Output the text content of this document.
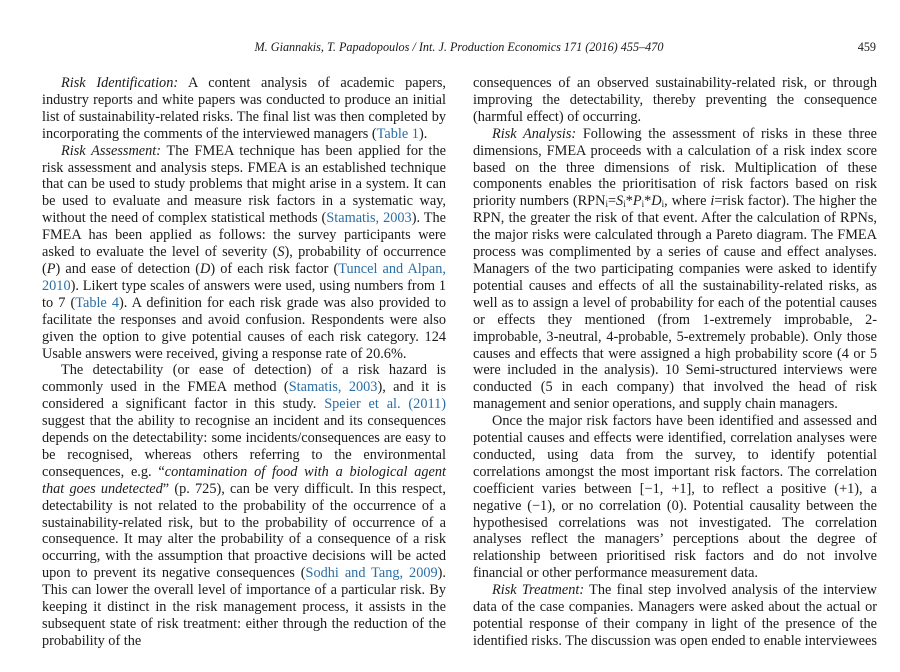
M. Giannakis, T. Papadopoulos / Int. J. Production Economics 171 (2016) 455–470	459

Risk Identification: A content analysis of academic papers, industry reports and white papers was conducted to produce an initial list of sustainability-related risks. The final list was then completed by incorporating the comments of the interviewed managers (Table 1).

Risk Assessment: The FMEA technique has been applied for the risk assessment and analysis steps. FMEA is an established technique that can be used to study problems that might arise in a system. It can be used to evaluate and measure risk factors in a systematic way, without the need of complex statistical methods (Stamatis, 2003). The FMEA has been applied as follows: the survey participants were asked to evaluate the level of severity (S), probability of occurrence (P) and ease of detection (D) of each risk factor (Tuncel and Alpan, 2010). Likert type scales of answers were used, using numbers from 1 to 7 (Table 4). A definition for each risk grade was also provided to facilitate the responses and avoid confusion. Respondents were also given the option to give potential causes of each risk category. 124 Usable answers were received, giving a response rate of 20.6%.

The detectability (or ease of detection) of a risk hazard is commonly used in the FMEA method (Stamatis, 2003), and it is considered a significant factor in this study. Speier et al. (2011) suggest that the ability to recognise an incident and its consequences depends on the detectability: some incidents/consequences are easy to be recognised, whereas others referring to the environmental consequences, e.g. “contamination of food with a biological agent that goes undetected” (p. 725), can be very difficult. In this respect, detectability is not related to the probability of the occurrence of a sustainability-related risk, but to the probability of occurrence of a consequence. It may alter the probability of a consequence of a risk occurring, with the assumption that proactive decisions will be acted upon to prevent its negative consequences (Sodhi and Tang, 2009). This can lower the overall level of importance of a particular risk. By keeping it distinct in the risk management process, it assists in the subsequent state of risk treatment: either through the reduction of the probability of the

consequences of an observed sustainability-related risk, or through improving the detectability, thereby preventing the consequence (harmful effect) of occurring.

Risk Analysis: Following the assessment of risks in these three dimensions, FMEA proceeds with a calculation of a risk index score based on the three dimensions of risk. Multiplication of these components enables the prioritisation of risk factors based on risk priority numbers ($RPN_i=S_i*P_i*D_i$, where i=risk factor). The higher the RPN, the greater the risk of that event. After the calculation of RPNs, the major risks were calculated through a Pareto diagram. The FMEA process was complimented by a series of cause and effect analyses. Managers of the two participating companies were asked to identify potential causes and effects of all the sustainability-related risks, as well as to assign a level of probability for each of the potential causes or effects they mentioned (from 1-extremely improbable, 2-improbable, 3-neutral, 4-probable, 5-extremely probable). Only those causes and effects that were assigned a high probability score (4 or 5 were included in the analysis). 10 Semi-structured interviews were conducted (5 in each company) that involved the head of risk management and senior operations, and supply chain managers.

Once the major risk factors have been identified and assessed and potential causes and effects were identified, correlation analyses were conducted, using data from the survey, to identify potential correlations amongst the most important risk factors. The correlation coefficient varies between [−1, +1], to reflect a positive (+1), a negative (−1), or no correlation (0). Potential causality between the hypothesised correlations was not investigated. The correlation analyses reflect the managers’ perceptions about the degree of relationship between prioritised risk factors and do not involve financial or other performance measurement data.

Risk Treatment: The final step involved analysis of the interview data of the case companies. Managers were asked about the actual or potential response of their company in light of the presence of the identified risks. The discussion was open ended to enable interviewees
